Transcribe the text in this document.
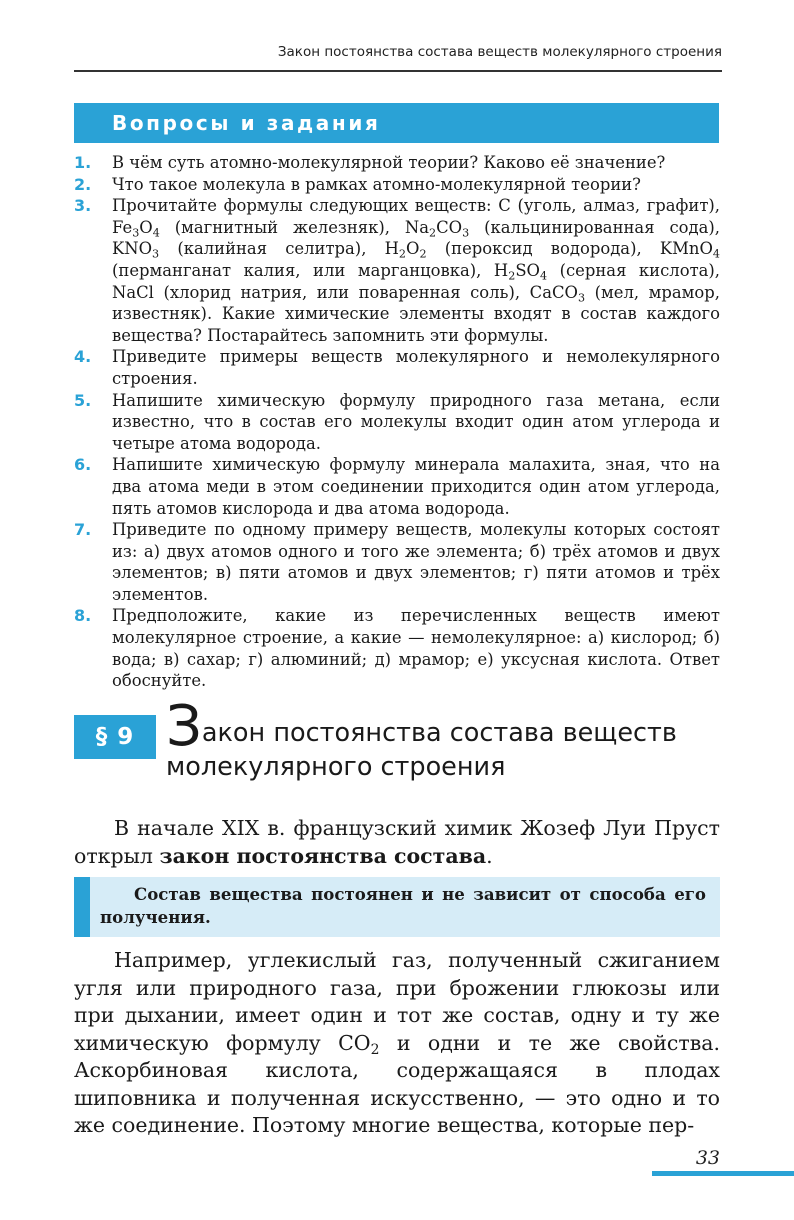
Закон постоянства состава веществ молекулярного строения
Вопросы и задания
1. В чём суть атомно-молекулярной теории? Каково её значение?
2. Что такое молекула в рамках атомно-молекулярной теории?
3. Прочитайте формулы следующих веществ: С (уголь, алмаз, графит), $Fe_3O_4$ (магнитный железняк), $Na_2CO_3$ (кальцинированная сода), $KNO_3$ (калийная селитра), $H_2O_2$ (пероксид водорода), KMnO$_4$ (перманганат калия, или марганцовка), $H_2SO_4$ (серная кислота), NaCl (хлорид натрия, или поваренная соль), CaCO$_3$ (мел, мрамор, известняк). Какие химические элементы входят в состав каждого вещества? Постарайтесь запомнить эти формулы.
4. Приведите примеры веществ молекулярного и немолекулярного строения.
5. Напишите химическую формулу природного газа метана, если известно, что в состав его молекулы входит один атом углерода и четыре атома водорода.
6. Напишите химическую формулу минерала малахита, зная, что на два атома меди в этом соединении приходится один атом углерода, пять атомов кислорода и два атома водорода.
7. Приведите по одному примеру веществ, молекулы которых состоят из: а) двух атомов одного и того же элемента; б) трёх атомов и двух элементов; в) пяти атомов и двух элементов; г) пяти атомов и трёх элементов.
8. Предположите, какие из перечисленных веществ имеют молекулярное строение, а какие — немолекулярное: а) кислород; б) вода; в) сахар; г) алюминий; д) мрамор; е) уксусная кислота. Ответ обоснуйте.
§ 9 Закон постоянства состава веществ
молекулярного строения
В начале XIX в. французский химик Жозеф Луи Пруст открыл закон постоянства состава.

Состав вещества постоянен и не зависит от способа его получения.

Например, углекислый газ, полученный сжиганием угля или природного газа, при брожении глюкозы или при дыхании, имеет один и тот же состав, одну и ту же химическую формулу $CO_2$ и одни и те же свойства. Аскорбиновая кислота, содержащаяся в плодах шиповника и полученная искусственно, — это одно и то же соединение. Поэтому многие вещества, которые пер-
33
